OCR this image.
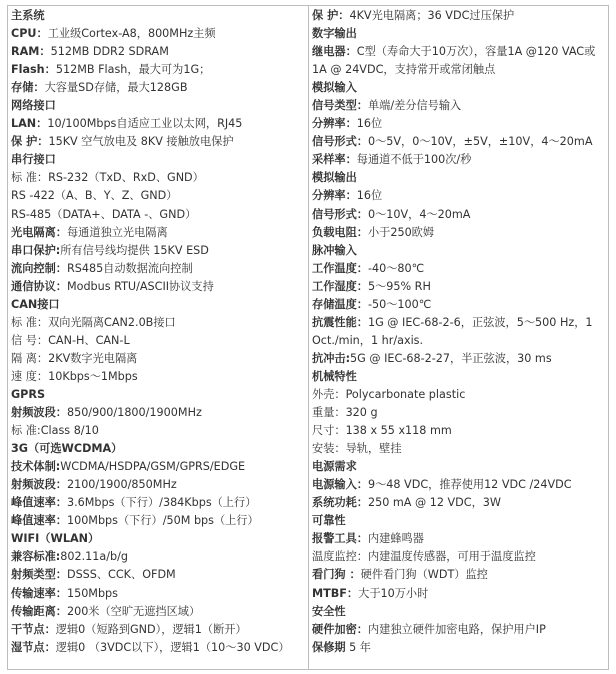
主系统
CPU：工业级Cortex-A8，800MHz主频
RAM：512MB DDR2 SDRAM
Flash：512MB Flash，最大可为1G；
存储：大容量SD存储，最大128GB
网络接口
LAN：10/100Mbps自适应工业以太网，RJ45
保 护：15KV 空气放电及 8KV 接触放电保护
串行接口
标 准：RS-232（TxD、RxD、GND）
RS -422（A、B、Y、Z、GND）
RS-485（DATA+、DATA -、GND）
光电隔离：每通道独立光电隔离
串口保护:所有信号线均提供 15KV ESD
流向控制：RS485自动数据流向控制
通信协议：Modbus RTU/ASCII协议支持
CAN接口
标 准：双向光隔离CAN2.0B接口
信 号：CAN-H、CAN-L
隔 离：2KV数字光电隔离
速 度：10Kbps～1Mbps
GPRS
射频波段：850/900/1800/1900MHz
标 准:Class 8/10
3G（可选WCDMA）
技术体制:WCDMA/HSDPA/GSM/GPRS/EDGE
射频波段：2100/1900/850MHz
峰值速率：3.6Mbps（下行）/384Kbps（上行）
峰值速率：100Mbps（下行）/50M bps（上行）
WIFI（WLAN）
兼容标准:802.11a/b/g
射频类型：DSSS、CCK、OFDM
传输速率：150Mbps
传输距离：200米（空旷无遮挡区域）
干节点：逻辑0（短路到GND），逻辑1（断开）
湿节点：逻辑0 （3VDC以下），逻辑1（10～30 VDC）
保 护：4KV光电隔离；36 VDC过压保护
数字输出
继电器：C型（寿命大于10万次），容量1A @120 VAC或1A @ 24VDC，支持常开或常闭触点
模拟输入
信号类型：单端/差分信号输入
分辨率：16位
信号形式：0～5V，0～10V，±5V，±10V，4～20mA
采样率：每通道不低于100次/秒
模拟输出
分辨率：16位
信号形式：0～10V，4～20mA
负载电阻：小于250欧姆
脉冲输入
工作温度：-40～80℃
工作湿度：5～95% RH
存储温度：-50～100℃
抗震性能：1G @ IEC-68-2-6，正弦波，5～500 Hz，1 Oct./min，1 hr/axis.
抗冲击:5G @ IEC-68-2-27，半正弦波，30 ms
机械特性
外壳：Polycarbonate plastic
重量：320 g
尺寸：138 x 55 x118 mm
安装：导轨，壁挂
电源需求
电源输入：9～48 VDC，推荐使用12 VDC /24VDC
系统功耗：250 mA @ 12 VDC，3W
可靠性
报警工具：内建蜂鸣器
温度监控：内建温度传感器，可用于温度监控
看门狗 ：硬件看门狗（WDT）监控
MTBF：大于10万小时
安全性
硬件加密：内建独立硬件加密电路，保护用户IP
保修期 5 年
